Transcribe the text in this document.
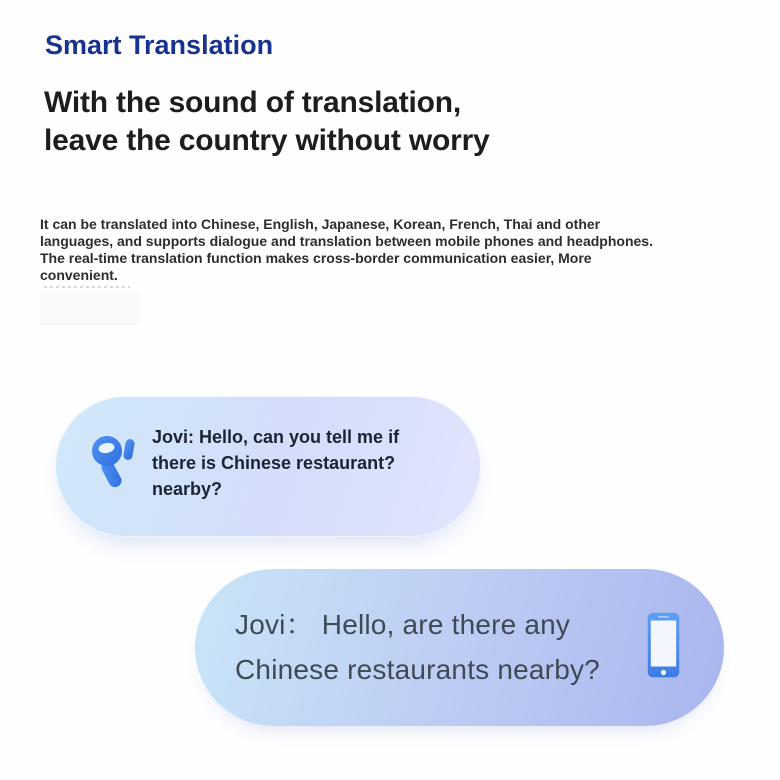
Smart Translation
With the sound of translation,
leave the country without worry
It can be translated into Chinese, English, Japanese, Korean, French, Thai and other
languages, and supports dialogue and translation between mobile phones and headphones.
The real-time translation function makes cross-border communication easier, More
convenient.
Jovi: Hello, can you tell me if
there is Chinese restaurant?
nearby?
Jovi： Hello, are there any
Chinese restaurants nearby?
